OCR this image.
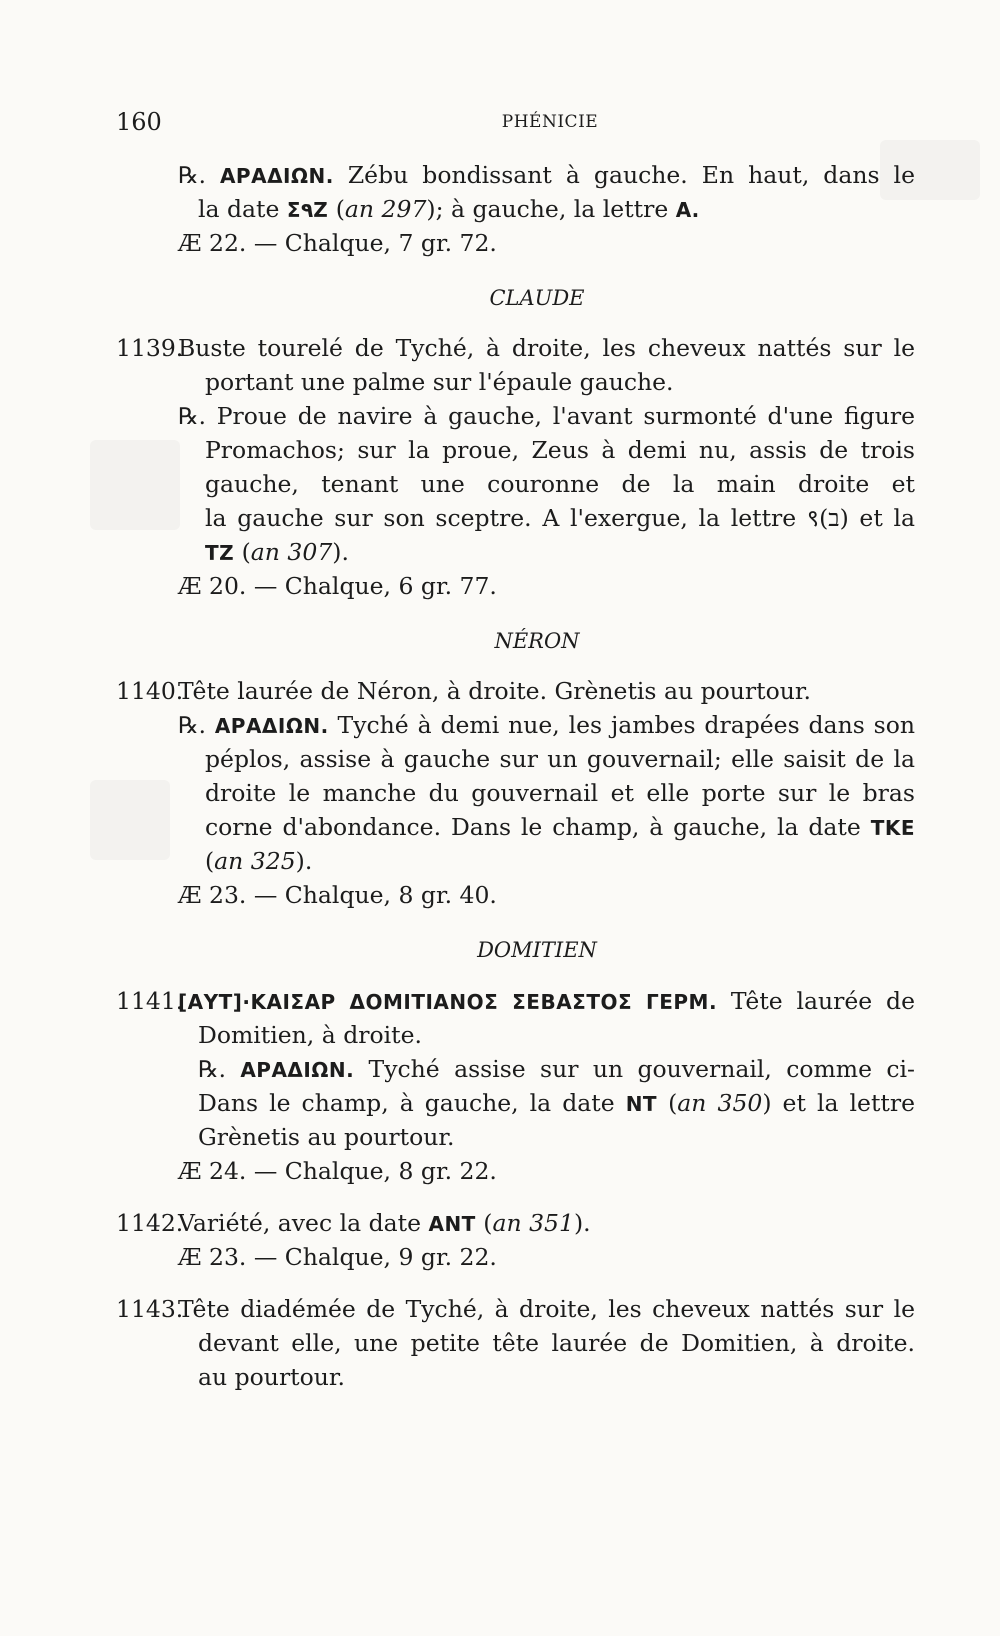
160	PHÉNICIE
℞. ΑΡΑΔΙΩΝ. Zébu bondissant à gauche. En haut, dans le
la date Σ٩Ζ (an 297); à gauche, la lettre Α.
Æ 22. — Chalque, 7 gr. 72.
CLAUDE
1139.
Buste tourelé de Tyché, à droite, les cheveux nattés sur le
portant une palme sur l'épaule gauche.
℞. Proue de navire à gauche, l'avant surmonté d'une figure
Promachos; sur la proue, Zeus à demi nu, assis de trois
gauche, tenant une couronne de la main droite et
la gauche sur son sceptre. A l'exergue, la lettre ९(ב) et la
ΤΖ (an 307).
Æ 20. — Chalque, 6 gr. 77.
NÉRON
1140.
Tête laurée de Néron, à droite. Grènetis au pourtour.
℞. ΑΡΑΔΙΩΝ. Tyché à demi nue, les jambes drapées dans son
péplos, assise à gauche sur un gouvernail; elle saisit de la
droite le manche du gouvernail et elle porte sur le bras
corne d'abondance. Dans le champ, à gauche, la date ΤΚΕ
(an 325).
Æ 23. — Chalque, 8 gr. 40.
DOMITIEN
1141.
[ΑΥΤ]·ΚΑΙΣΑΡ ΔΟΜΙΤΙΑΝΟΣ ΣΕΒΑΣΤΟΣ ΓΕΡΜ. Tête laurée de
Domitien, à droite.
℞. ΑΡΑΔΙΩΝ. Tyché assise sur un gouvernail, comme ci-
Dans le champ, à gauche, la date ΝΤ (an 350) et la lettre
Grènetis au pourtour.
Æ 24. — Chalque, 8 gr. 22.
1142.
Variété, avec la date ΑΝΤ (an 351).
Æ 23. — Chalque, 9 gr. 22.
1143.
Tête diadémée de Tyché, à droite, les cheveux nattés sur le
devant elle, une petite tête laurée de Domitien, à droite.
au pourtour.
